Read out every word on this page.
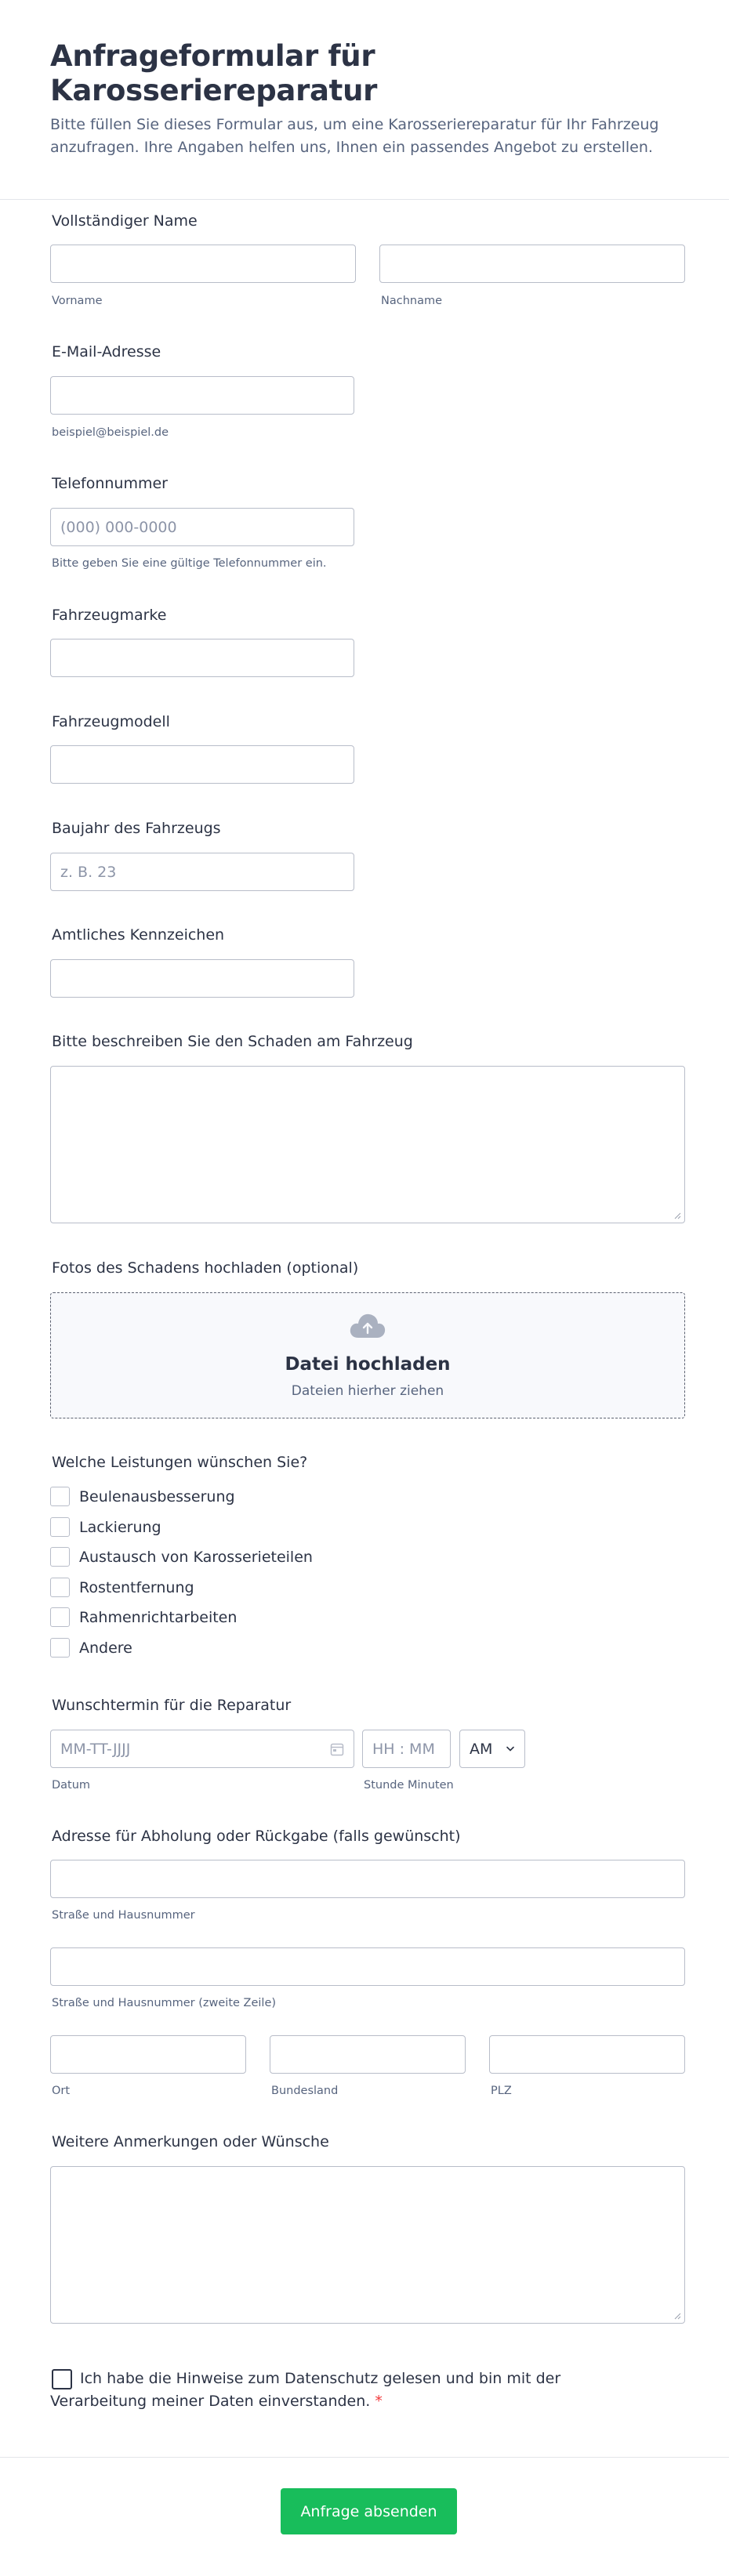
Anfrageformular für Karosseriereparatur

Bitte füllen Sie dieses Formular aus, um eine Karosseriereparatur für Ihr Fahrzeug anzufragen. Ihre Angaben helfen uns, Ihnen ein passendes Angebot zu erstellen.

Vollständiger Name
Vorname	Nachname
E-Mail-Adresse
beispiel@beispiel.de
Telefonnummer
(000) 000-0000
Bitte geben Sie eine gültige Telefonnummer ein.
Fahrzeugmarke
Fahrzeugmodell
Baujahr des Fahrzeugs
z. B. 23
Amtliches Kennzeichen
Bitte beschreiben Sie den Schaden am Fahrzeug
Fotos des Schadens hochladen (optional)
Datei hochladen
Dateien hierher ziehen
Welche Leistungen wünschen Sie?
Beulenausbesserung
Lackierung
Austausch von Karosserieteilen
Rostentfernung
Rahmenrichtarbeiten
Andere
Wunschtermin für die Reparatur
MM-TT-JJJJ	HH : MM	AM
Datum	Stunde Minuten
Adresse für Abholung oder Rückgabe (falls gewünscht)
Straße und Hausnummer
Straße und Hausnummer (zweite Zeile)
Ort	Bundesland	PLZ
Weitere Anmerkungen oder Wünsche
Ich habe die Hinweise zum Datenschutz gelesen und bin mit der Verarbeitung meiner Daten einverstanden. *
Anfrage absenden
